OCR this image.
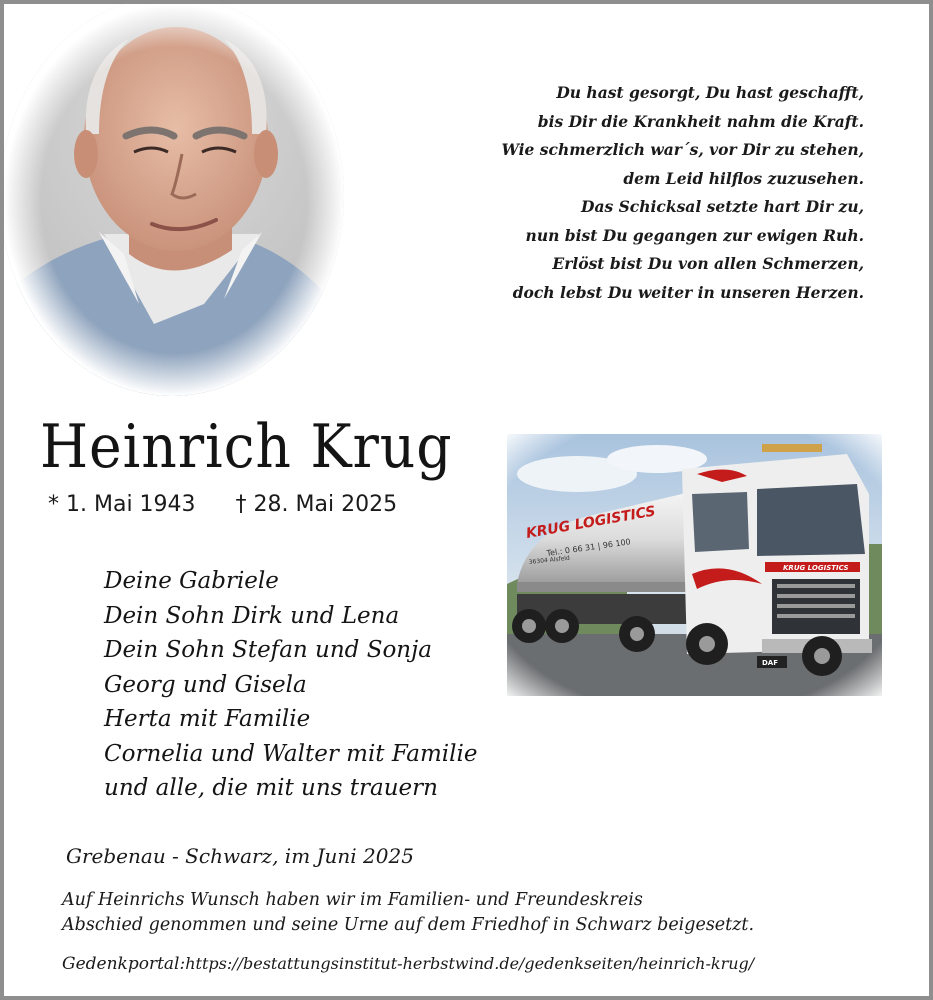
Du hast gesorgt, Du hast geschafft,
bis Dir die Krankheit nahm die Kraft.
Wie schmerzlich war´s, vor Dir zu stehen,
dem Leid hilflos zuzusehen.
Das Schicksal setzte hart Dir zu,
nun bist Du gegangen zur ewigen Ruh.
Erlöst bist Du von allen Schmerzen,
doch lebst Du weiter in unseren Herzen.
Heinrich Krug
* 1. Mai 1943 † 28. Mai 2025
Deine Gabriele
Dein Sohn Dirk und Lena
Dein Sohn Stefan und Sonja
Georg und Gisela
Herta mit Familie
Cornelia und Walter mit Familie
und alle, die mit uns trauern
Grebenau - Schwarz, im Juni 2025
Auf Heinrichs Wunsch haben wir im Familien- und Freundeskreis
Abschied genommen und seine Urne auf dem Friedhof in Schwarz beigesetzt.
Gedenkportal:https://bestattungsinstitut-herbstwind.de/gedenkseiten/heinrich-krug/
